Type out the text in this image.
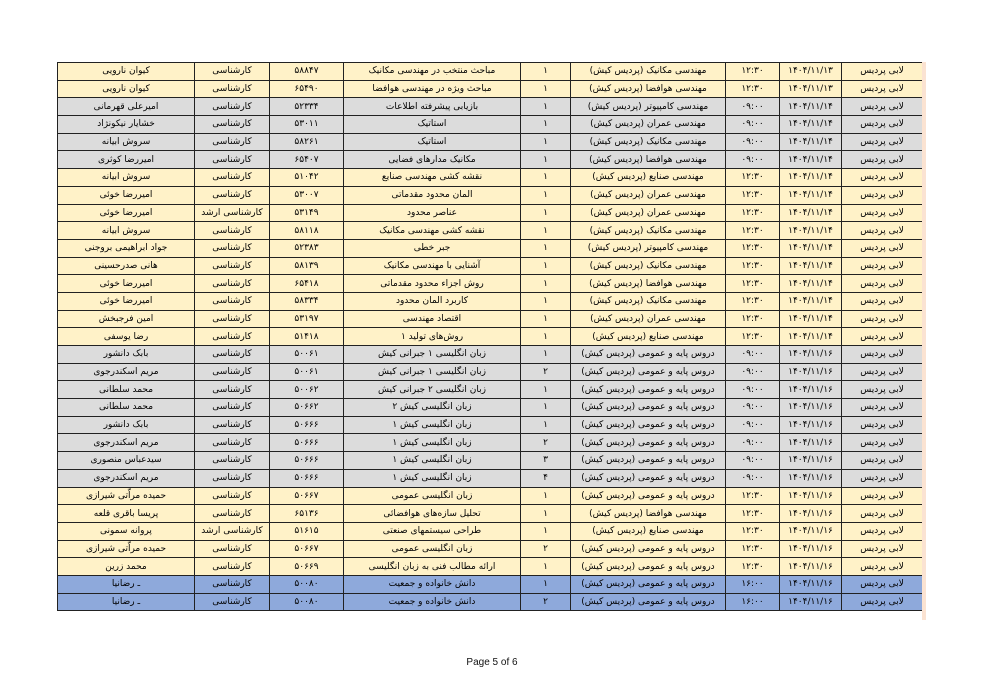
کیوان نارویی	کارشناسی	۵۸۸۴۷	مباحث منتخب در مهندسی مکانیک	۱	مهندسی مکانیک (پردیس کیش)	۱۲:۳۰	۱۴۰۴/۱۱/۱۳	لابی پردیس
کیوان نارویی	کارشناسی	۶۵۴۹۰	مباحث ویژه در مهندسی هوافضا	۱	مهندسی هوافضا (پردیس کیش)	۱۲:۳۰	۱۴۰۴/۱۱/۱۳	لابی پردیس
امیرعلی قهرمانی	کارشناسی	۵۲۳۳۴	بازیابی پیشرفته اطلاعات	۱	مهندسی کامپیوتر (پردیس کیش)	۰۹:۰۰	۱۴۰۴/۱۱/۱۴	لابی پردیس
خشایار نیکونژاد	کارشناسی	۵۳۰۱۱	استاتیک	۱	مهندسی عمران (پردیس کیش)	۰۹:۰۰	۱۴۰۴/۱۱/۱۴	لابی پردیس
سروش ابیانه	کارشناسی	۵۸۲۶۱	استاتیک	۱	مهندسی مکانیک (پردیس کیش)	۰۹:۰۰	۱۴۰۴/۱۱/۱۴	لابی پردیس
امیررضا کوثری	کارشناسی	۶۵۴۰۷	مکانیک مدارهای فضایی	۱	مهندسی هوافضا (پردیس کیش)	۰۹:۰۰	۱۴۰۴/۱۱/۱۴	لابی پردیس
سروش ابیانه	کارشناسی	۵۱۰۴۲	نقشه کشی مهندسی صنایع	۱	مهندسی صنایع (پردیس کیش)	۱۲:۳۰	۱۴۰۴/۱۱/۱۴	لابی پردیس
امیررضا خوئی	کارشناسی	۵۳۰۰۷	المان محدود مقدماتی	۱	مهندسی عمران (پردیس کیش)	۱۲:۳۰	۱۴۰۴/۱۱/۱۴	لابی پردیس
امیررضا خوئی	کارشناسی ارشد	۵۳۱۴۹	عناصر محدود	۱	مهندسی عمران (پردیس کیش)	۱۲:۳۰	۱۴۰۴/۱۱/۱۴	لابی پردیس
سروش ابیانه	کارشناسی	۵۸۱۱۸	نقشه کشی مهندسی مکانیک	۱	مهندسی مکانیک (پردیس کیش)	۱۲:۳۰	۱۴۰۴/۱۱/۱۴	لابی پردیس
جواد ابراهیمی بروجنی	کارشناسی	۵۲۳۸۳	جبر خطی	۱	مهندسی کامپیوتر (پردیس کیش)	۱۲:۳۰	۱۴۰۴/۱۱/۱۴	لابی پردیس
هانی صدرحسینی	کارشناسی	۵۸۱۳۹	آشنایی با مهندسی مکانیک	۱	مهندسی مکانیک (پردیس کیش)	۱۲:۳۰	۱۴۰۴/۱۱/۱۴	لابی پردیس
امیررضا خوئی	کارشناسی	۶۵۴۱۸	روش اجزاء محدود مقدماتی	۱	مهندسی هوافضا (پردیس کیش)	۱۲:۳۰	۱۴۰۴/۱۱/۱۴	لابی پردیس
امیررضا خوئی	کارشناسی	۵۸۳۳۴	کاربرد المان محدود	۱	مهندسی مکانیک (پردیس کیش)	۱۲:۳۰	۱۴۰۴/۱۱/۱۴	لابی پردیس
امین فرجبخش	کارشناسی	۵۳۱۹۷	اقتصاد مهندسی	۱	مهندسی عمران (پردیس کیش)	۱۲:۳۰	۱۴۰۴/۱۱/۱۴	لابی پردیس
رضا یوسفی	کارشناسی	۵۱۴۱۸	روش‌های تولید ۱	۱	مهندسی صنایع (پردیس کیش)	۱۲:۳۰	۱۴۰۴/۱۱/۱۴	لابی پردیس
بابک دانشور	کارشناسی	۵۰۰۶۱	زبان انگلیسی ۱ جبرانی کیش	۱	دروس پایه و عمومی (پردیس کیش)	۰۹:۰۰	۱۴۰۴/۱۱/۱۶	لابی پردیس
مریم اسکندرجوی	کارشناسی	۵۰۰۶۱	زبان انگلیسی ۱ جبرانی کیش	۲	دروس پایه و عمومی (پردیس کیش)	۰۹:۰۰	۱۴۰۴/۱۱/۱۶	لابی پردیس
محمد سلطانی	کارشناسی	۵۰۰۶۲	زبان انگلیسی ۲ جبرانی کیش	۱	دروس پایه و عمومی (پردیس کیش)	۰۹:۰۰	۱۴۰۴/۱۱/۱۶	لابی پردیس
محمد سلطانی	کارشناسی	۵۰۶۶۲	زبان انگلیسی کیش ۲	۱	دروس پایه و عمومی (پردیس کیش)	۰۹:۰۰	۱۴۰۴/۱۱/۱۶	لابی پردیس
بابک دانشور	کارشناسی	۵۰۶۶۶	زبان انگلیسی کیش ۱	۱	دروس پایه و عمومی (پردیس کیش)	۰۹:۰۰	۱۴۰۴/۱۱/۱۶	لابی پردیس
مریم اسکندرجوی	کارشناسی	۵۰۶۶۶	زبان انگلیسی کیش ۱	۲	دروس پایه و عمومی (پردیس کیش)	۰۹:۰۰	۱۴۰۴/۱۱/۱۶	لابی پردیس
سیدعباس منصوری	کارشناسی	۵۰۶۶۶	زبان انگلیسی کیش ۱	۳	دروس پایه و عمومی (پردیس کیش)	۰۹:۰۰	۱۴۰۴/۱۱/۱۶	لابی پردیس
مریم اسکندرجوی	کارشناسی	۵۰۶۶۶	زبان انگلیسی کیش ۱	۴	دروس پایه و عمومی (پردیس کیش)	۰۹:۰۰	۱۴۰۴/۱۱/۱۶	لابی پردیس
حمیده مراّتی شیرازی	کارشناسی	۵۰۶۶۷	زبان انگلیسی عمومی	۱	دروس پایه و عمومی (پردیس کیش)	۱۲:۳۰	۱۴۰۴/۱۱/۱۶	لابی پردیس
پریسا باقری قلعه	کارشناسی	۶۵۱۳۶	تحلیل سازه‌های هوافضائی	۱	مهندسی هوافضا (پردیس کیش)	۱۲:۳۰	۱۴۰۴/۱۱/۱۶	لابی پردیس
پروانه سمونی	کارشناسی ارشد	۵۱۶۱۵	طراحی سیستمهای صنعتی	۱	مهندسی صنایع (پردیس کیش)	۱۲:۳۰	۱۴۰۴/۱۱/۱۶	لابی پردیس
حمیده مراّتی شیرازی	کارشناسی	۵۰۶۶۷	زبان انگلیسی عمومی	۲	دروس پایه و عمومی (پردیس کیش)	۱۲:۳۰	۱۴۰۴/۱۱/۱۶	لابی پردیس
محمد زرین	کارشناسی	۵۰۶۶۹	ارائه مطالب فنی به زبان انگلیسی	۱	دروس پایه و عمومی (پردیس کیش)	۱۲:۳۰	۱۴۰۴/۱۱/۱۶	لابی پردیس
ـ رضانیا	کارشناسی	۵۰۰۸۰	دانش خانواده و جمعیت	۱	دروس پایه و عمومی (پردیس کیش)	۱۶:۰۰	۱۴۰۴/۱۱/۱۶	لابی پردیس
ـ رضانیا	کارشناسی	۵۰۰۸۰	دانش خانواده و جمعیت	۲	دروس پایه و عمومی (پردیس کیش)	۱۶:۰۰	۱۴۰۴/۱۱/۱۶	لابی پردیس
Page 5 of 6
